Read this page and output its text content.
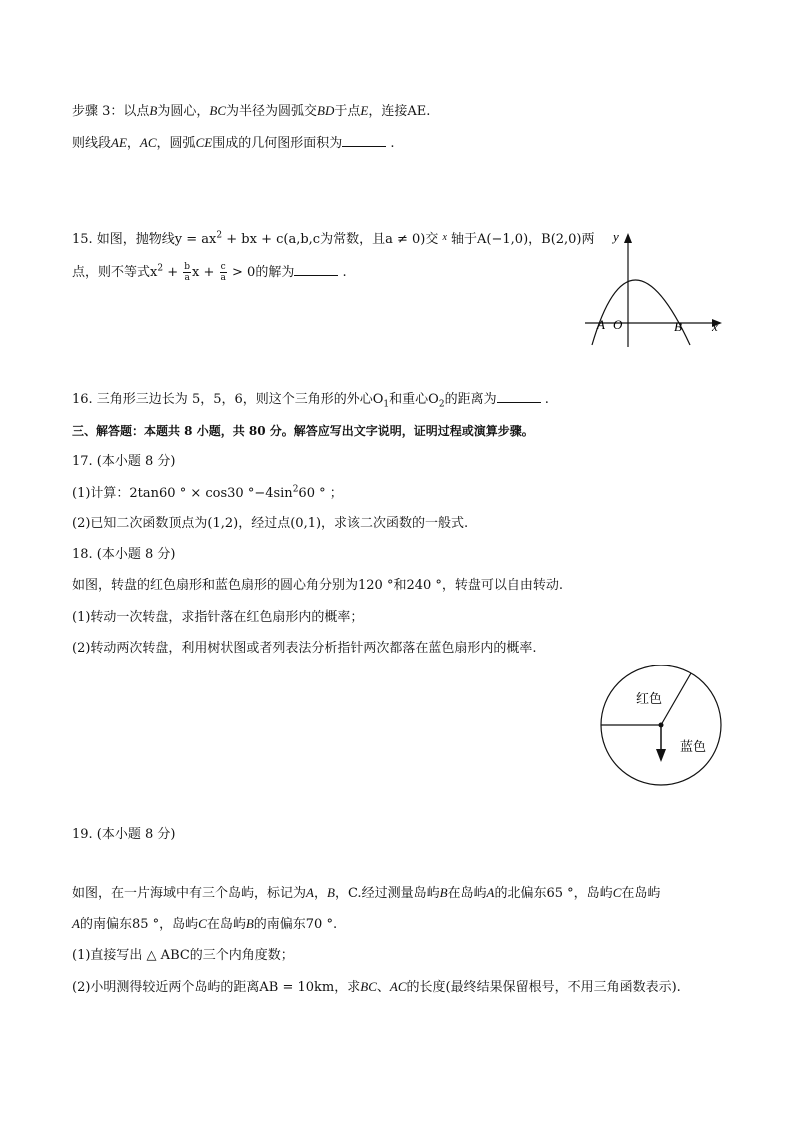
步骤 3：以点B为圆心，BC为半径为圆弧交BD于点E，连接AE.
则线段AE，AC，圆弧CE围成的几何图形面积为	.
15. 如图，抛物线$y = ax^2$ + bx + c(a,b,c为常数，且a ≠ 0)交 $^x$ 轴于A(−1,0)，B(2,0)两
点，则不等式$x^2 + \frac{b}{a}$ $x + \frac{c}{a} > 0$的解为	.
y
x
A O	B
16. 三角形三边长为 5，5，6，则这个三角形的外心$O_1$和重心$O_2$的距离为	.
三、解答题：本题共 8 小题，共 80 分。解答应写出文字说明，证明过程或演算步骤。
17. (本小题 8 分)
(1)计算：2tan60 ° × cos30 $^\circ-4\sin^260$ ° ；
(2)已知二次函数顶点为(1,2)，经过点(0,1)，求该二次函数的一般式.
18. (本小题 8 分)
如图，转盘的红色扇形和蓝色扇形的圆心角分别为120 °和240 °，转盘可以自由转动.
(1)转动一次转盘，求指针落在红色扇形内的概率；
(2)转动两次转盘，利用树状图或者列表法分析指针两次都落在蓝色扇形内的概率.
红色
蓝色
19. (本小题 8 分)
如图，在一片海域中有三个岛屿，标记为A，B，C.经过测量岛屿B在岛屿A的北偏东65 °，岛屿C在岛屿
A的南偏东85 °，岛屿C在岛屿B的南偏东70 °.
(1)直接写出 △ ABC的三个内角度数；
(2)小明测得较近两个岛屿的距离AB = 10km，求BC、AC的长度(最终结果保留根号，不用三角函数表示).
